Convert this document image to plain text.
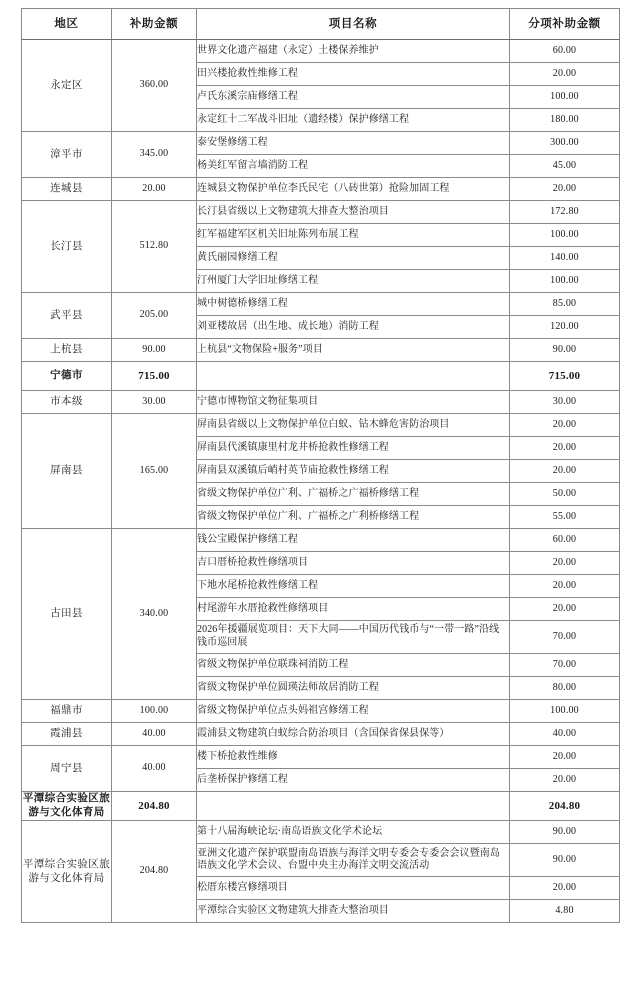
地区	补助金额	项目名称	分项补助金额
永定区	360.00	世界文化遗产福建（永定）土楼保养维护	60.00
		田兴楼抢救性维修工程	20.00
		卢氏东溪宗庙修缮工程	100.00
		永定红十二军战斗旧址（遗经楼）保护修缮工程	180.00
漳平市	345.00	泰安堡修缮工程	300.00
		杨美红军留言墙消防工程	45.00
连城县	20.00	连城县文物保护单位李氏民宅（八砖世第）抢险加固工程	20.00
长汀县	512.80	长汀县省级以上文物建筑大排查大整治项目	172.80
		红军福建军区机关旧址陈列布展工程	100.00
		黄氏丽园修缮工程	140.00
		汀州厦门大学旧址修缮工程	100.00
武平县	205.00	城中树德桥修缮工程	85.00
		刘亚楼故居（出生地、成长地）消防工程	120.00
上杭县	90.00	上杭县“文物保险+服务”项目	90.00
宁德市	715.00		715.00
市本级	30.00	宁德市博物馆文物征集项目	30.00
屏南县	165.00	屏南县省级以上文物保护单位白蚁、钻木蜂危害防治项目	20.00
		屏南县代溪镇康里村龙井桥抢救性修缮工程	20.00
		屏南县双溪镇后峭村英节庙抢救性修缮工程	20.00
		省级文物保护单位广利、广福桥之广福桥修缮工程	50.00
		省级文物保护单位广利、广福桥之广利桥修缮工程	55.00
古田县	340.00	钱公宝殿保护修缮工程	60.00
		吉口厝桥抢救性修缮项目	20.00
		下地水尾桥抢救性修缮工程	20.00
		村尾游年水厝抢救性修缮项目	20.00
		2026年援疆展览项目：天下大同——中国历代钱币与“一带一路”沿线钱币巡回展	70.00
		省级文物保护单位联珠祠消防工程	70.00
		省级文物保护单位圆瑛法师故居消防工程	80.00
福鼎市	100.00	省级文物保护单位点头妈祖宫修缮工程	100.00
霞浦县	40.00	霞浦县文物建筑白蚁综合防治项目（含国保省保县保等）	40.00
周宁县	40.00	楼下桥抢救性维修	20.00
		后垄桥保护修缮工程	20.00
平潭综合实验区旅游与文化体育局	204.80		204.80
平潭综合实验区旅游与文化体育局	204.80	第十八届海峡论坛·南岛语族文化学术论坛	90.00
		亚洲文化遗产保护联盟南岛语族与海洋文明专委会专委会会议暨南岛语族文化学术会议、台盟中央主办海洋文明交流活动	90.00
		松厝东楼宫修缮项目	20.00
		平潭综合实验区文物建筑大排查大整治项目	4.80
